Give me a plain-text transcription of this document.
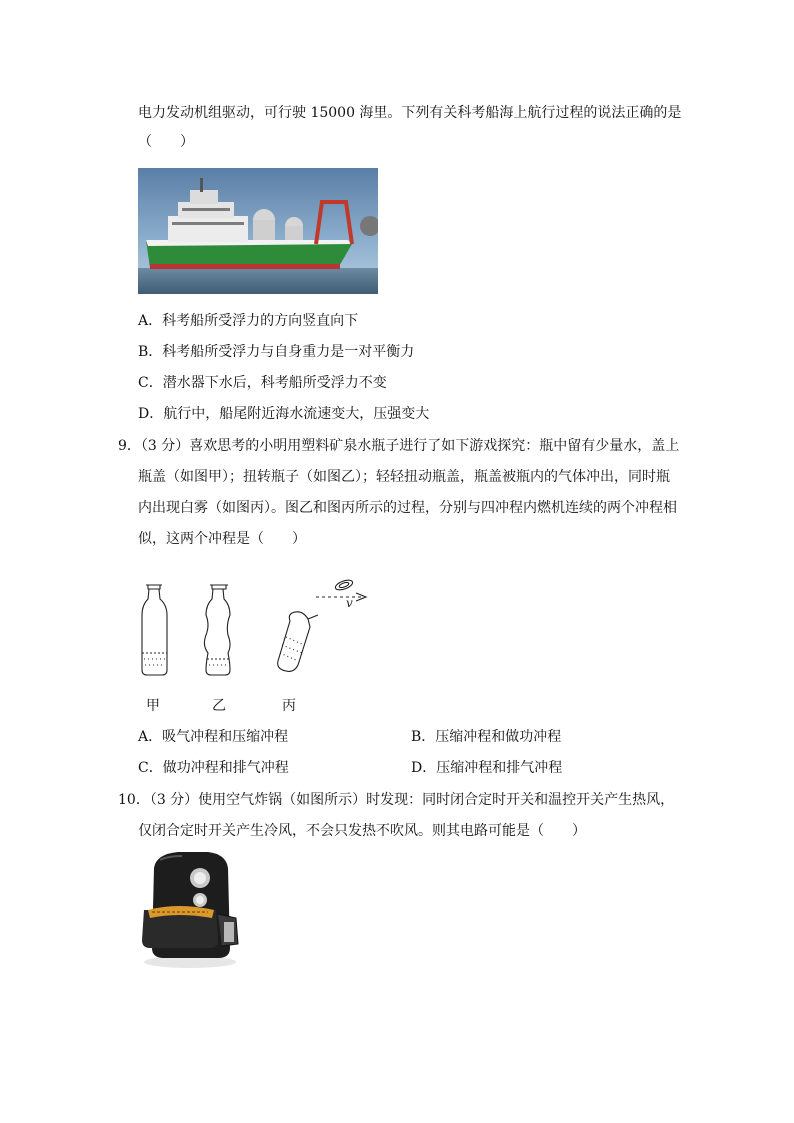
电力发动机组驱动，可行驶 15000 海里。下列有关科考船海上航行过程的说法正确的是
（　　）
A．科考船所受浮力的方向竖直向下
B．科考船所受浮力与自身重力是一对平衡力
C．潜水器下水后，科考船所受浮力不变
D．航行中，船尾附近海水流速变大，压强变大
9．（3 分）喜欢思考的小明用塑料矿泉水瓶子进行了如下游戏探究：瓶中留有少量水，盖上
瓶盖（如图甲）；扭转瓶子（如图乙）；轻轻扭动瓶盖，瓶盖被瓶内的气体冲出，同时瓶
内出现白雾（如图丙）。图乙和图丙所示的过程，分别与四冲程内燃机连续的两个冲程相
似，这两个冲程是（　　）
v
甲	乙	丙
A．吸气冲程和压缩冲程	B．压缩冲程和做功冲程
C．做功冲程和排气冲程	D．压缩冲程和排气冲程
10．（3 分）使用空气炸锅（如图所示）时发现：同时闭合定时开关和温控开关产生热风，
仅闭合定时开关产生冷风，不会只发热不吹风。则其电路可能是（　　）
